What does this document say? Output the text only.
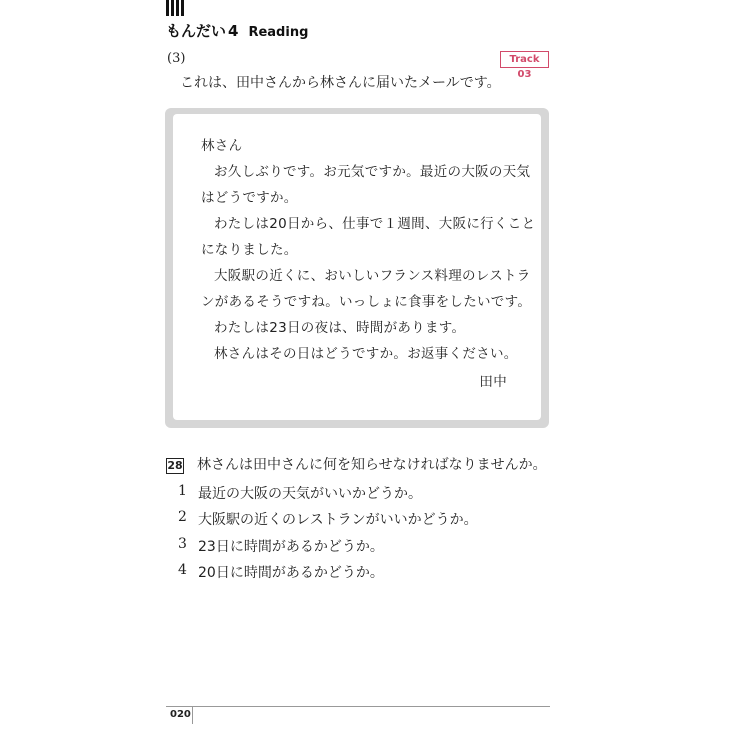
もんだい 4 Reading
(3)	Track 03
これは、田中さんから林さんに届いたメールです。
林さん
お久しぶりです。お元気ですか。最近の大阪の天気
はどうですか。
わたしは20日から、仕事で１週間、大阪に行くこと
になりました。
大阪駅の近くに、おいしいフランス料理のレストラ
ンがあるそうですね。いっしょに食事をしたいです。
わたしは23日の夜は、時間があります。
林さんはその日はどうですか。お返事ください。
田中
28 林さんは田中さんに何を知らせなければなりませんか。
1 最近の大阪の天気がいいかどうか。
2 大阪駅の近くのレストランがいいかどうか。
3 23日に時間があるかどうか。
4 20日に時間があるかどうか。
020
